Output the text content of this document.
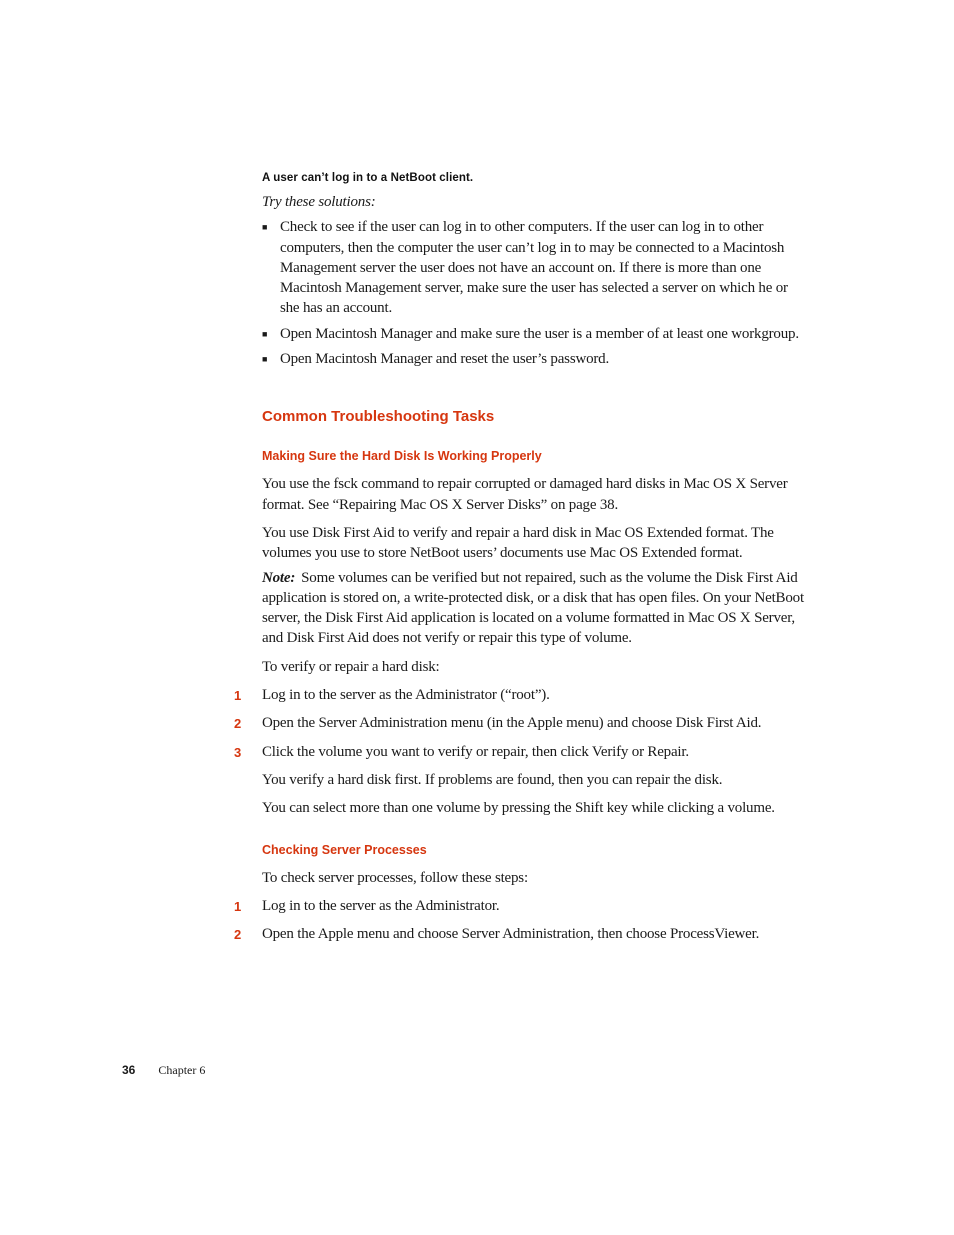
A user can’t log in to a NetBoot client.

Try these solutions:

■ Check to see if the user can log in to other computers. If the user can log in to other computers, then the computer the user can’t log in to may be connected to a Macintosh Management server the user does not have an account on. If there is more than one Macintosh Management server, make sure the user has selected a server on which he or she has an account.
■ Open Macintosh Manager and make sure the user is a member of at least one workgroup.
■ Open Macintosh Manager and reset the user’s password.
Common Troubleshooting Tasks
Making Sure the Hard Disk Is Working Properly

You use the fsck command to repair corrupted or damaged hard disks in Mac OS X Server format. See “Repairing Mac OS X Server Disks” on page 38.

You use Disk First Aid to verify and repair a hard disk in Mac OS Extended format. The volumes you use to store NetBoot users’ documents use Mac OS Extended format.

Note: Some volumes can be verified but not repaired, such as the volume the Disk First Aid application is stored on, a write-protected disk, or a disk that has open files. On your NetBoot server, the Disk First Aid application is located on a volume formatted in Mac OS X Server, and Disk First Aid does not verify or repair this type of volume.

To verify or repair a hard disk:

1 Log in to the server as the Administrator (“root”).
2 Open the Server Administration menu (in the Apple menu) and choose Disk First Aid.
3 Click the volume you want to verify or repair, then click Verify or Repair.

You verify a hard disk first. If problems are found, then you can repair the disk.

You can select more than one volume by pressing the Shift key while clicking a volume.

Checking Server Processes

To check server processes, follow these steps:

1 Log in to the server as the Administrator.
2 Open the Apple menu and choose Server Administration, then choose ProcessViewer.
36 Chapter 6
